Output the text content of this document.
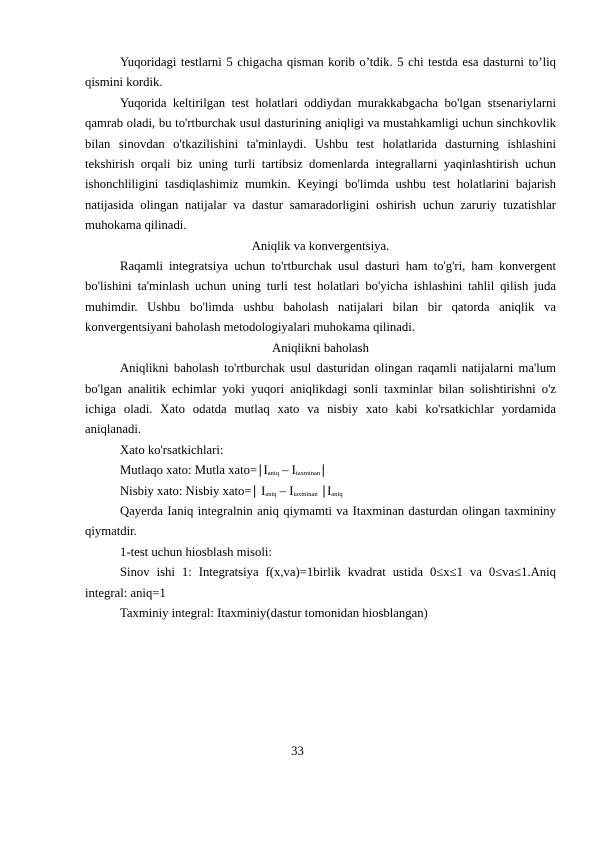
Yuqoridagi testlarni 5 chigacha qisman korib o’tdik. 5 chi testda esa dasturni to’liq qismini kordik.

Yuqorida keltirilgan test holatlari oddiydan murakkabgacha bo'lgan stsenariylarni qamrab oladi, bu to'rtburchak usul dasturining aniqligi va mustahkamligi uchun sinchkovlik bilan sinovdan o'tkazilishini ta'minlaydi. Ushbu test holatlarida dasturning ishlashini tekshirish orqali biz uning turli tartibsiz domenlarda integrallarni yaqinlashtirish uchun ishonchliligini tasdiqlashimiz mumkin. Keyingi bo'limda ushbu test holatlarini bajarish natijasida olingan natijalar va dastur samaradorligini oshirish uchun zaruriy tuzatishlar muhokama qilinadi.

Aniqlik va konvergentsiya.

Raqamli integratsiya uchun to'rtburchak usul dasturi ham to'g'ri, ham konvergent bo'lishini ta'minlash uchun uning turli test holatlari bo'yicha ishlashini tahlil qilish juda muhimdir. Ushbu bo'limda ushbu baholash natijalari bilan bir qatorda aniqlik va konvergentsiyani baholash metodologiyalari muhokama qilinadi.

Aniqlikni baholash

Aniqlikni baholash to'rtburchak usul dasturidan olingan raqamli natijalarni ma'lum bo'lgan analitik echimlar yoki yuqori aniqlikdagi sonli taxminlar bilan solishtirishni o'z ichiga oladi. Xato odatda mutlaq xato va nisbiy xato kabi ko'rsatkichlar yordamida aniqlanadi.

Xato ko'rsatkichlari:

Mutlaqo xato: Mutla $xato=∣I_{aniq}$ – $I_{taxminan}∣$

Nisbiy xato: Nisbiy xato=∣ $I_{aniq} - I_{taxminan}$ $∣I_{aniq}$

Qayerda Ianiq integralnin aniq qiymamti va Itaxminan dasturdan olingan taxmininy qiymatdir.

1-test uchun hiosblash misoli:

Sinov ishi 1: Integratsiya f(x,va)=1birlik kvadrat ustida 0≤x≤1 va 0≤va≤1.Aniq integral: aniq=1

Taxminiy integral: Itaxminiy(dastur tomonidan hiosblangan)

33
